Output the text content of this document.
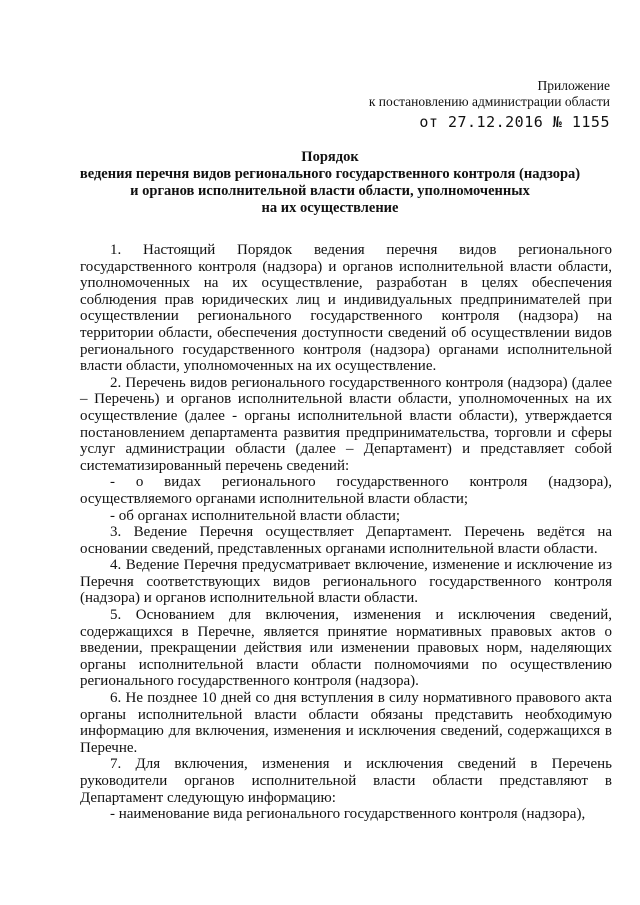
Приложение
к постановлению администрации области
от 27.12.2016 № 1155
Порядок
ведения перечня видов регионального государственного контроля (надзора)
и органов исполнительной власти области, уполномоченных
на их осуществление

1. Настоящий Порядок ведения перечня видов регионального государственного контроля (надзора) и органов исполнительной власти области, уполномоченных на их осуществление, разработан в целях обеспечения соблюдения прав юридических лиц и индивидуальных предпринимателей при осуществлении регионального государственного контроля (надзора) на территории области, обеспечения доступности сведений об осуществлении видов регионального государственного контроля (надзора) органами исполнительной власти области, уполномоченных на их осуществление.

2. Перечень видов регионального государственного контроля (надзора) (далее – Перечень) и органов исполнительной власти области, уполномоченных на их осуществление (далее - органы исполнительной власти области), утверждается постановлением департамента развития предпринимательства, торговли и сферы услуг администрации области (далее – Департамент) и представляет собой систематизированный перечень сведений:

- о видах регионального государственного контроля (надзора), осуществляемого органами исполнительной власти области;

- об органах исполнительной власти области;

3. Ведение Перечня осуществляет Департамент. Перечень ведётся на основании сведений, представленных органами исполнительной власти области.

4. Ведение Перечня предусматривает включение, изменение и исключение из Перечня соответствующих видов регионального государственного контроля (надзора) и органов исполнительной власти области.

5. Основанием для включения, изменения и исключения сведений, содержащихся в Перечне, является принятие нормативных правовых актов о введении, прекращении действия или изменении правовых норм, наделяющих органы исполнительной власти области полномочиями по осуществлению регионального государственного контроля (надзора).

6. Не позднее 10 дней со дня вступления в силу нормативного правового акта органы исполнительной власти области обязаны представить необходимую информацию для включения, изменения и исключения сведений, содержащихся в Перечне.

7. Для включения, изменения и исключения сведений в Перечень руководители органов исполнительной власти области представляют в Департамент следующую информацию:

- наименование вида регионального государственного контроля (надзора),
